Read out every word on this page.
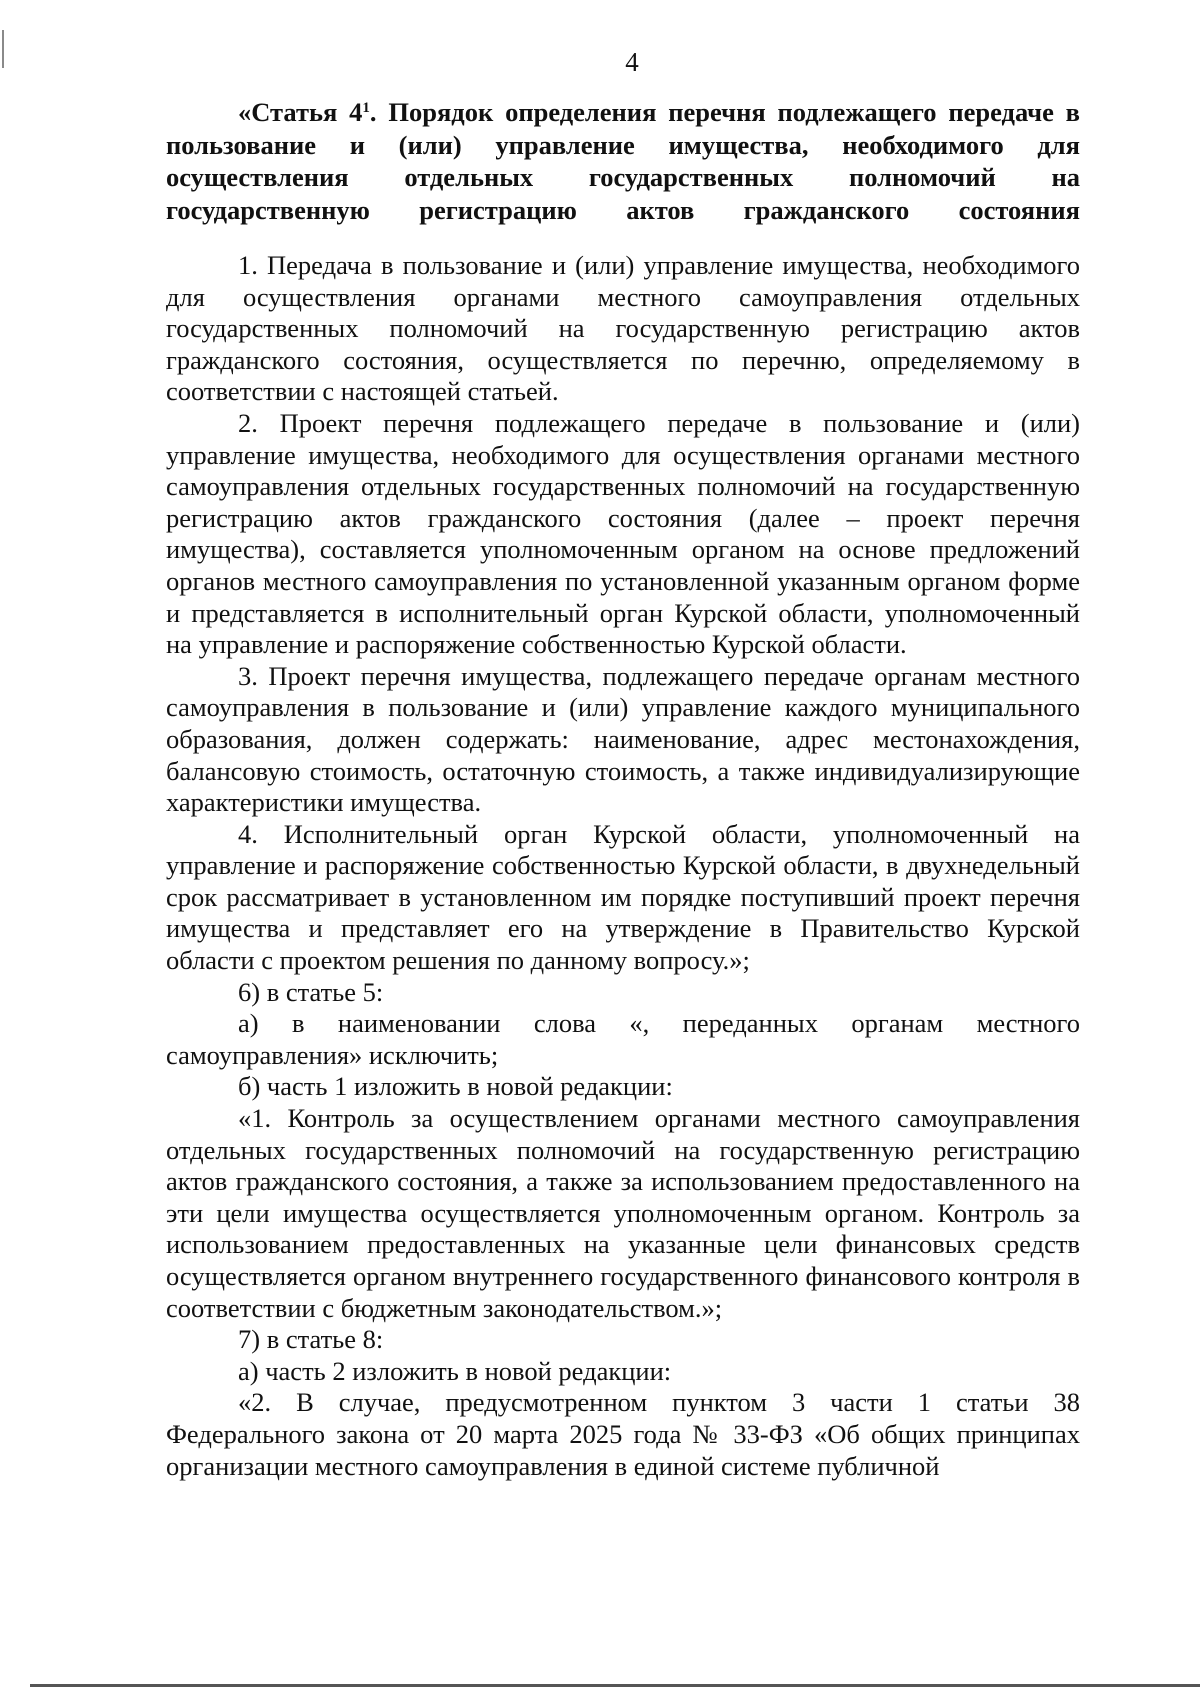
4

«Статья $4^1$. Порядок определения перечня подлежащего передаче в пользование и (или) управление имущества, необходимого для осуществления отдельных государственных полномочий на государственную регистрацию актов гражданского состояния

1. Передача в пользование и (или) управление имущества, необходимого для осуществления органами местного самоуправления отдельных государственных полномочий на государственную регистрацию актов гражданского состояния, осуществляется по перечню, определяемому в соответствии с настоящей статьей.

2. Проект перечня подлежащего передаче в пользование и (или) управление имущества, необходимого для осуществления органами местного самоуправления отдельных государственных полномочий на государственную регистрацию актов гражданского состояния (далее – проект перечня имущества), составляется уполномоченным органом на основе предложений органов местного самоуправления по установленной указанным органом форме и представляется в исполнительный орган Курской области, уполномоченный на управление и распоряжение собственностью Курской области.

3. Проект перечня имущества, подлежащего передаче органам местного самоуправления в пользование и (или) управление каждого муниципального образования, должен содержать: наименование, адрес местонахождения, балансовую стоимость, остаточную стоимость, а также индивидуализирующие характеристики имущества.

4. Исполнительный орган Курской области, уполномоченный на управление и распоряжение собственностью Курской области, в двухнедельный срок рассматривает в установленном им порядке поступивший проект перечня имущества и представляет его на утверждение в Правительство Курской области с проектом решения по данному вопросу.»;

6) в статье 5:

а) в наименовании слова «, переданных органам местного самоуправления» исключить;

б) часть 1 изложить в новой редакции:

«1. Контроль за осуществлением органами местного самоуправления отдельных государственных полномочий на государственную регистрацию актов гражданского состояния, а также за использованием предоставленного на эти цели имущества осуществляется уполномоченным органом. Контроль за использованием предоставленных на указанные цели финансовых средств осуществляется органом внутреннего государственного финансового контроля в соответствии с бюджетным законодательством.»;

7) в статье 8:

а) часть 2 изложить в новой редакции:

«2. В случае, предусмотренном пунктом 3 части 1 статьи 38 Федерального закона от 20 марта 2025 года № 33-ФЗ «Об общих принципах организации местного самоуправления в единой системе публичной
